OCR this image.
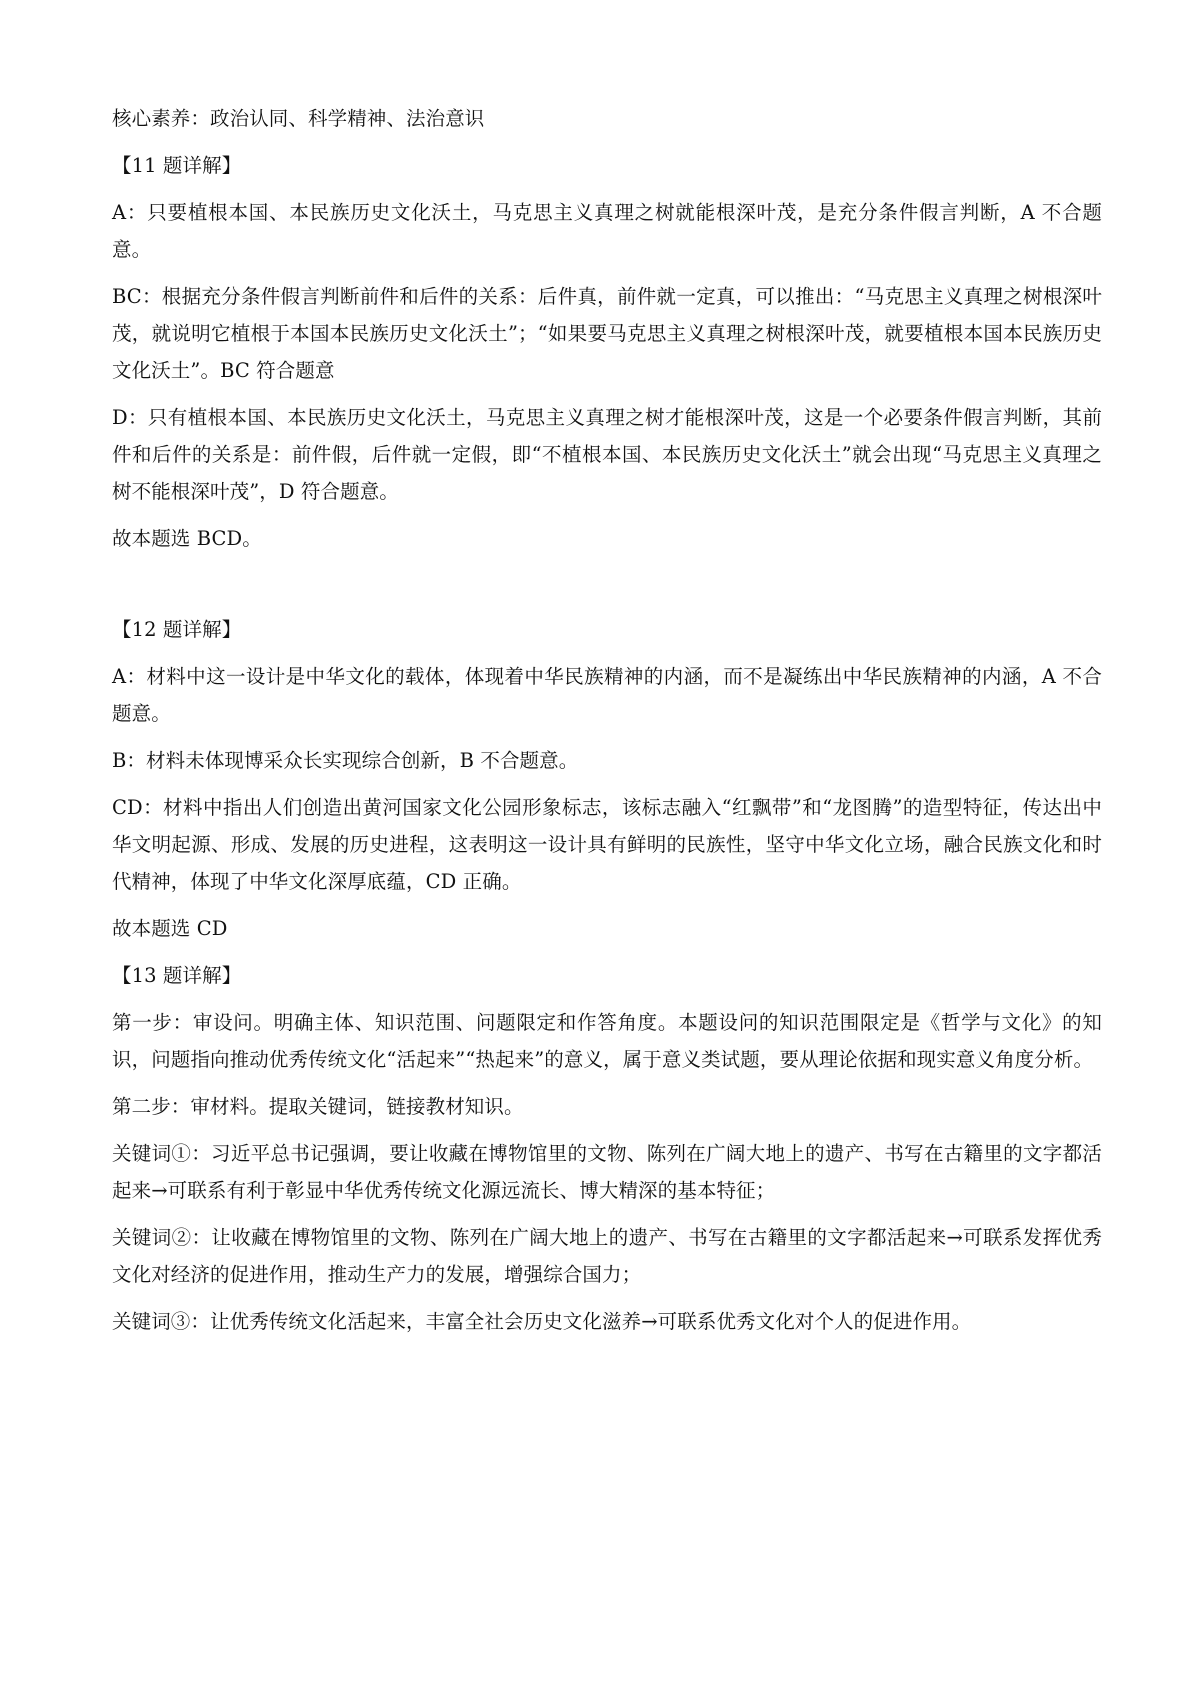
核心素养：政治认同、科学精神、法治意识

【11 题详解】

A：只要植根本国、本民族历史文化沃土，马克思主义真理之树就能根深叶茂，是充分条件假言判断，A 不合题意。

BC：根据充分条件假言判断前件和后件的关系：后件真，前件就一定真，可以推出：“马克思主义真理之树根深叶茂，就说明它植根于本国本民族历史文化沃土”；“如果要马克思主义真理之树根深叶茂，就要植根本国本民族历史文化沃土”。BC 符合题意

D：只有植根本国、本民族历史文化沃土，马克思主义真理之树才能根深叶茂，这是一个必要条件假言判断，其前件和后件的关系是：前件假，后件就一定假，即“不植根本国、本民族历史文化沃土”就会出现“马克思主义真理之树不能根深叶茂”，D 符合题意。

故本题选 BCD。

【12 题详解】

A：材料中这一设计是中华文化的载体，体现着中华民族精神的内涵，而不是凝练出中华民族精神的内涵，A 不合题意。

B：材料未体现博采众长实现综合创新，B 不合题意。

CD：材料中指出人们创造出黄河国家文化公园形象标志，该标志融入“红飘带”和“龙图腾”的造型特征，传达出中华文明起源、形成、发展的历史进程，这表明这一设计具有鲜明的民族性，坚守中华文化立场，融合民族文化和时代精神，体现了中华文化深厚底蕴，CD 正确。

故本题选 CD

【13 题详解】

第一步：审设问。明确主体、知识范围、问题限定和作答角度。本题设问的知识范围限定是《哲学与文化》的知识，问题指向推动优秀传统文化“活起来”“热起来”的意义，属于意义类试题，要从理论依据和现实意义角度分析。

第二步：审材料。提取关键词，链接教材知识。

关键词①：习近平总书记强调，要让收藏在博物馆里的文物、陈列在广阔大地上的遗产、书写在古籍里的文字都活起来→可联系有利于彰显中华优秀传统文化源远流长、博大精深的基本特征；

关键词②：让收藏在博物馆里的文物、陈列在广阔大地上的遗产、书写在古籍里的文字都活起来→可联系发挥优秀文化对经济的促进作用，推动生产力的发展，增强综合国力；

关键词③：让优秀传统文化活起来，丰富全社会历史文化滋养→可联系优秀文化对个人的促进作用。
